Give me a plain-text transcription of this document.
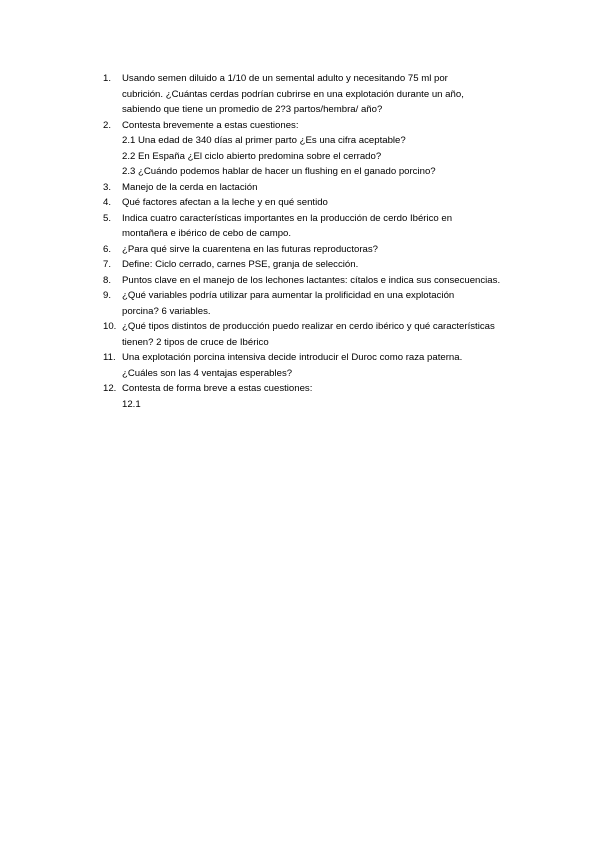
1.	Usando semen diluido a 1/10 de un semental adulto y necesitando 75 ml por
cubrición. ¿Cuántas cerdas podrían cubrirse en una explotación durante un año,
sabiendo que tiene un promedio de 2?3 partos/hembra/ año?
2.	Contesta brevemente a estas cuestiones:
2.1 Una edad de 340 días al primer parto ¿Es una cifra aceptable?
2.2 En España ¿El ciclo abierto predomina sobre el cerrado?
2.3 ¿Cuándo podemos hablar de hacer un flushing en el ganado porcino?
3.	Manejo de la cerda en lactación
4.	Qué factores afectan a la leche y en qué sentido
5.	Indica cuatro características importantes en la producción de cerdo Ibérico en
montañera e ibérico de cebo de campo.
6.	¿Para qué sirve la cuarentena en las futuras reproductoras?
7.	Define: Ciclo cerrado, carnes PSE, granja de selección.
8.	Puntos clave en el manejo de los lechones lactantes: cítalos e indica sus consecuencias.
9.	¿Qué variables podría utilizar para aumentar la prolificidad en una explotación
porcina? 6 variables.
10. ¿Qué tipos distintos de producción puedo realizar en cerdo ibérico y qué características
tienen? 2 tipos de cruce de Ibérico
11. Una explotación porcina intensiva decide introducir el Duroc como raza paterna.
¿Cuáles son las 4 ventajas esperables?
12. Contesta de forma breve a estas cuestiones:
12.1
